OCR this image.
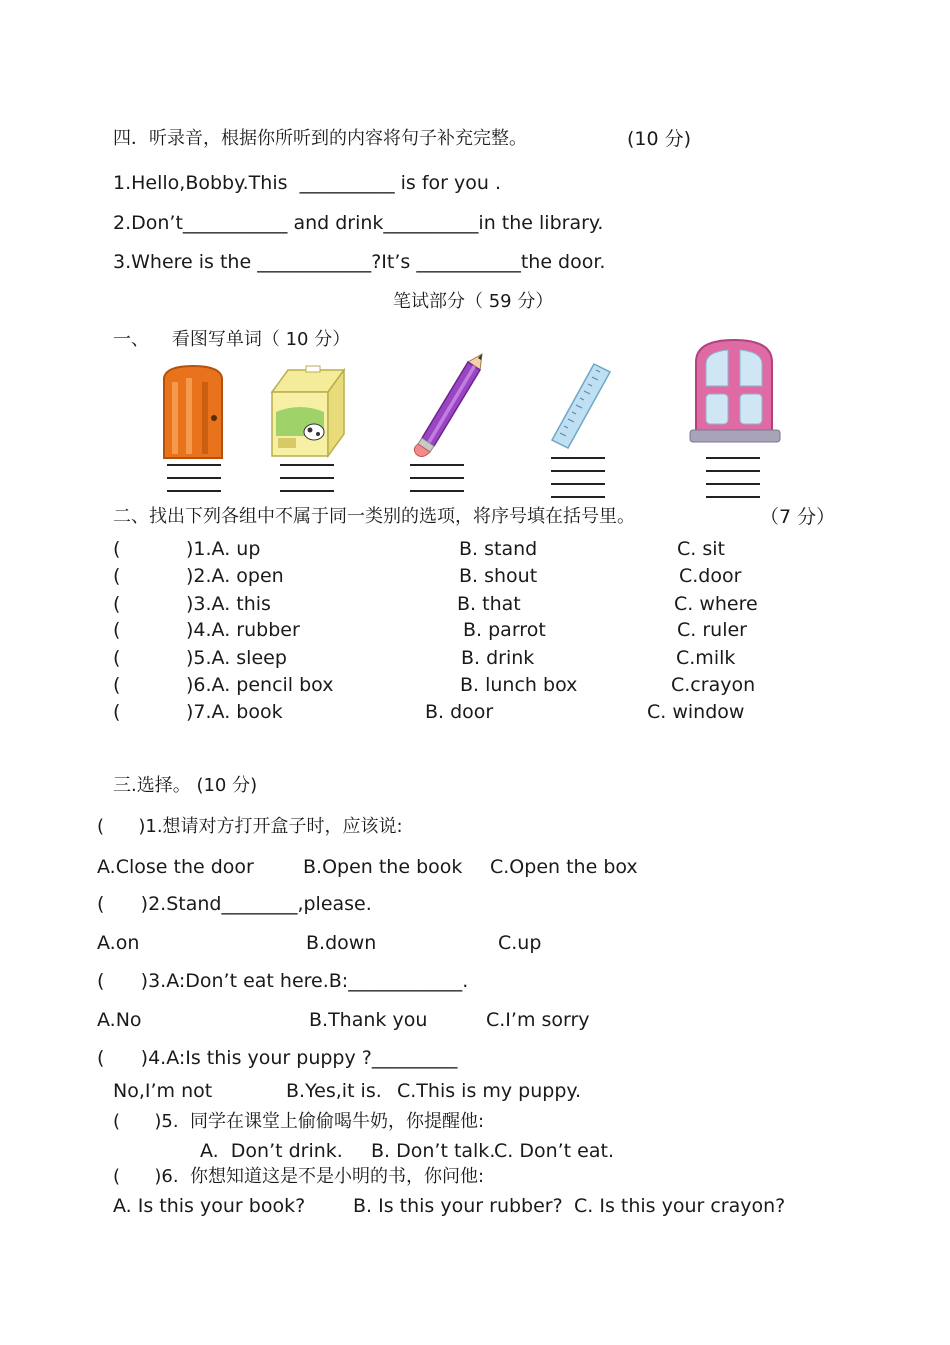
四．听录音，根据你所听到的内容将句子补充完整。	(10 分)
1.Hello,Bobby.This  __________ is for you .
2.Don’t___________ and drink__________in the library.
3.Where is the ____________?It’s ___________the door.
笔试部分（ 59 分）
一、    看图写单词（ 10 分）
二、找出下列各组中不属于同一类别的选项，将序号填在括号里。	（7 分）
(	)1.A. up	B. stand	C. sit
(	)2.A. open	B. shout	C.door
(	)3.A. this	B. that	C. where
(	)4.A. rubber	B. parrot	C. ruler
(	)5.A. sleep	B. drink	C.milk
(	)6.A. pencil box	B. lunch box	C.crayon
(	)7.A. book	B. door	C. window
三.选择。 (10 分)
(      )1.想请对方打开盒子时，应该说:
A.Close the door	B.Open the book C.Open the box
(      )2.Stand________,please.
A.on	B.down	C.up
(      )3.A:Don’t eat here.B:____________.
A.No	B.Thank you	C.I’m sorry
(      )4.A:Is this your puppy ?_________
No,I’m not	B.Yes,it is. C.This is my puppy.
(      )5.  同学在课堂上偷偷喝牛奶，你提醒他:
A.  Don’t drink. B. Don’t talk.
C. Don’t eat.
(      )6.  你想知道这是不是小明的书，你问他:
A. Is this your book?	B. Is this your rubber? C. Is this your crayon?
